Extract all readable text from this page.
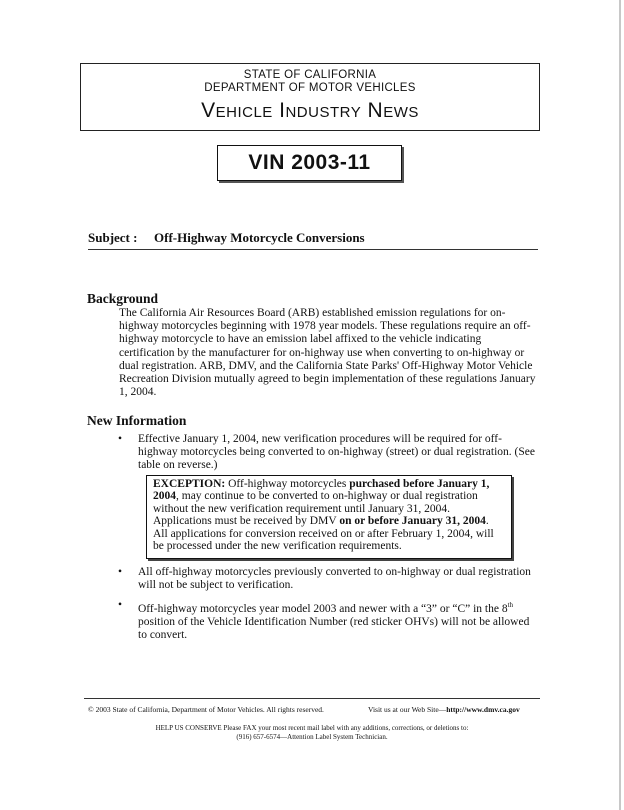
STATE OF CALIFORNIA
DEPARTMENT OF MOTOR VEHICLES
Vehicle Industry News
VIN 2003-11
Subject : Off-Highway Motorcycle Conversions
Background
The California Air Resources Board (ARB) established emission regulations for on-highway motorcycles beginning with 1978 year models. These regulations require an off-highway motorcycle to have an emission label affixed to the vehicle indicating certification by the manufacturer for on-highway use when converting to on-highway or dual registration. ARB, DMV, and the California State Parks' Off-Highway Motor Vehicle Recreation Division mutually agreed to begin implementation of these regulations January 1, 2004.
New Information
• Effective January 1, 2004, new verification procedures will be required for off-highway motorcycles being converted to on-highway (street) or dual registration. (See table on reverse.)
EXCEPTION: Off-highway motorcycles purchased before January 1, 2004, may continue to be converted to on-highway or dual registration without the new verification requirement until January 31, 2004. Applications must be received by DMV on or before January 31, 2004. All applications for conversion received on or after February 1, 2004, will be processed under the new verification requirements.
• All off-highway motorcycles previously converted to on-highway or dual registration will not be subject to verification.
• Off-highway motorcycles year model 2003 and newer with a “3” or “C” in the 8th position of the Vehicle Identification Number (red sticker OHVs) will not be allowed to convert.
© 2003 State of California, Department of Motor Vehicles. All rights reserved.	Visit us at our Web Site—http://www.dmv.ca.gov
HELP US CONSERVE Please FAX your most recent mail label with any additions, corrections, or deletions to:
(916) 657-6574—Attention Label System Technician.
